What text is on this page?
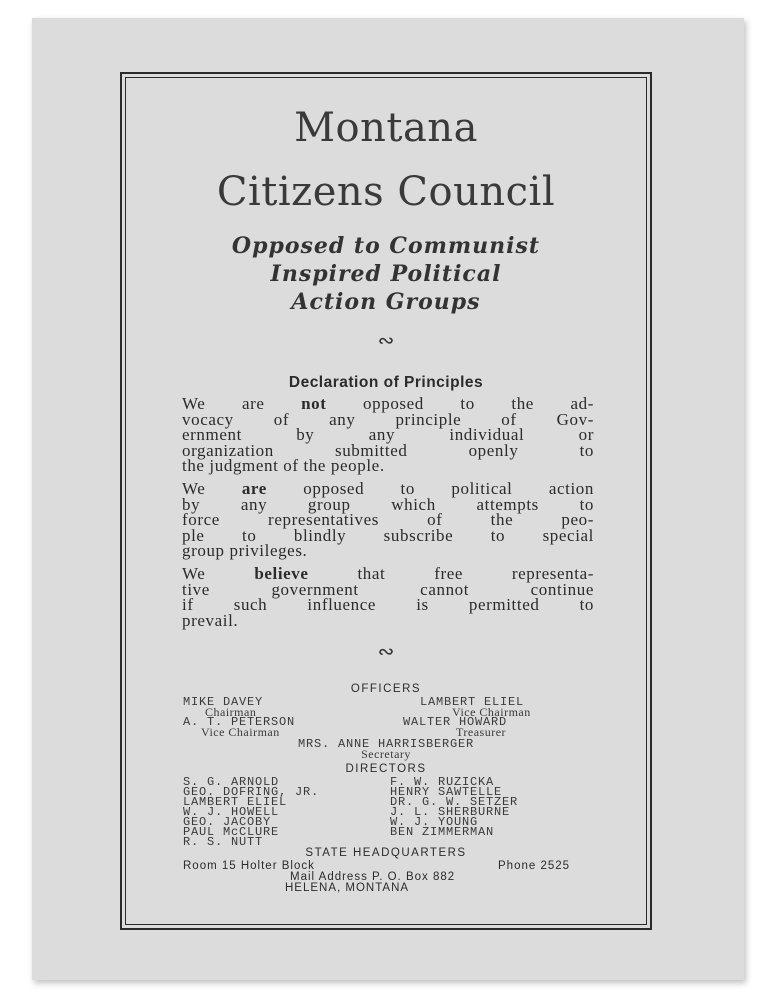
Montana
Citizens Council
Opposed to Communist
Inspired Political
Action Groups
∾
Declaration of Principles
We are not opposed to the ad-
vocacy of any principle of Gov-
ernment by any individual or
organization submitted openly to
the judgment of the people.
We are opposed to political action
by any group which attempts to
force representatives of the peo-
ple to blindly subscribe to special
group privileges.
We believe that free representa-
tive government cannot continue
if such influence is permitted to
prevail.
∾
OFFICERS
MIKE DAVEY
Chairman
A. T. PETERSON
Vice Chairman
LAMBERT ELIEL
Vice Chairman
WALTER HOWARD
Treasurer
MRS. ANNE HARRISBERGER
Secretary
DIRECTORS
S. G. ARNOLD
GEO. DOFRING, JR.
LAMBERT ELIEL
W. J. HOWELL
GEO. JACOBY
PAUL McCLURE
R. S. NUTT
F. W. RUZICKA
HENRY SAWTELLE
DR. G. W. SETZER
J. L. SHERBURNE
W. J. YOUNG
BEN ZIMMERMAN
STATE HEADQUARTERS
Room 15 Holter Block	Phone 2525
Mail Address P. O. Box 882
HELENA, MONTANA
